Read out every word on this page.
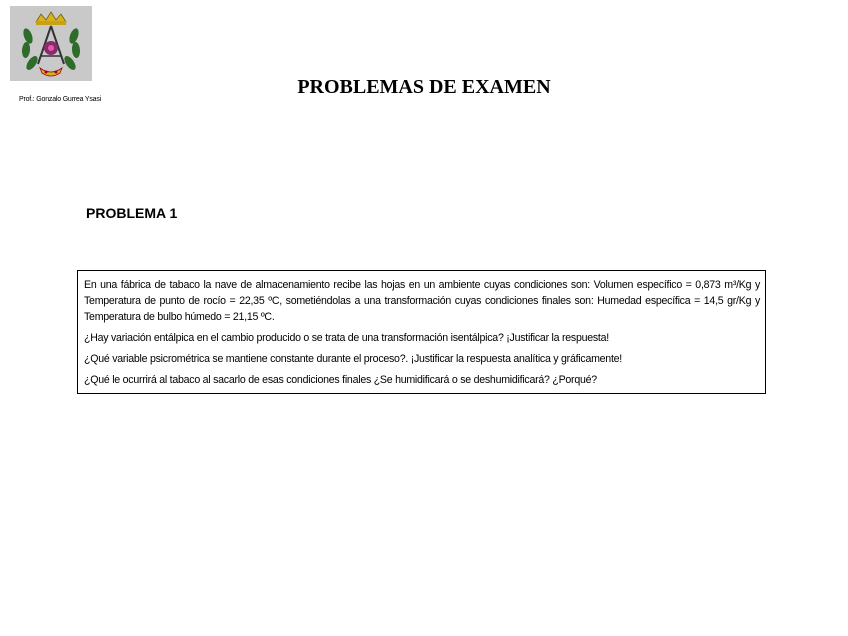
Prof.: Gonzalo Gurrea Ysasi
PROBLEMAS DE EXAMEN
PROBLEMA 1

En una fábrica de tabaco la nave de almacenamiento recibe las hojas en un ambiente cuyas condiciones son: Volumen específico = 0,873 m³/Kg y Temperatura de punto de rocío = 22,35 ºC, sometiéndolas a una transformación cuyas condiciones finales son: Humedad específica = 14,5 gr/Kg y Temperatura de bulbo húmedo = 21,15 ºC.

¿Hay variación entálpica en el cambio producido o se trata de una transformación isentálpica? ¡Justificar la respuesta!

¿Qué variable psicrométrica se mantiene constante durante el proceso?. ¡Justificar la respuesta analítica y gráficamente!

¿Qué le ocurrirá al tabaco al sacarlo de esas condiciones finales ¿Se humidificará o se deshumidificará? ¿Porqué?
